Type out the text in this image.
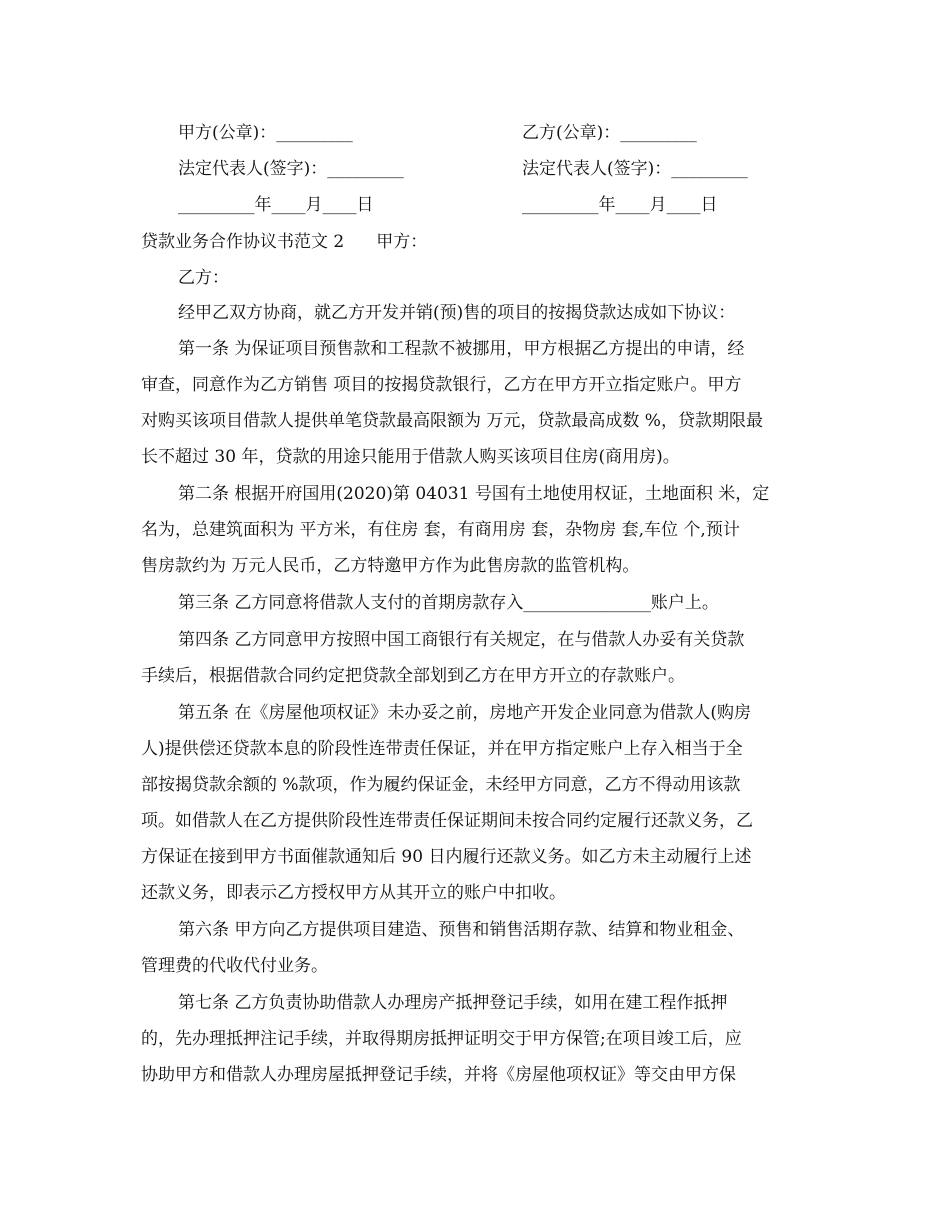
甲方(公章)：_________	乙方(公章)：_________
法定代表人(签字)：_________	法定代表人(签字)：_________
_________年____月____日	_________年____月____日
贷款业务合作协议书范文 2 甲方：
乙方：
经甲乙双方协商，就乙方开发并销(预)售的项目的按揭贷款达成如下协议：
第一条 为保证项目预售款和工程款不被挪用，甲方根据乙方提出的申请，经
审查，同意作为乙方销售 项目的按揭贷款银行，乙方在甲方开立指定账户。甲方
对购买该项目借款人提供单笔贷款最高限额为 万元，贷款最高成数 %，贷款期限最
长不超过 30 年，贷款的用途只能用于借款人购买该项目住房(商用房)。
第二条 根据开府国用(2020)第 04031 号国有土地使用权证，土地面积 米，定
名为，总建筑面积为 平方米，有住房 套，有商用房 套，杂物房 套,车位 个,预计
售房款约为 万元人民币，乙方特邀甲方作为此售房款的监管机构。
第三条 乙方同意将借款人支付的首期房款存入_______________账户上。
第四条 乙方同意甲方按照中国工商银行有关规定，在与借款人办妥有关贷款
手续后，根据借款合同约定把贷款全部划到乙方在甲方开立的存款账户。
第五条 在《房屋他项权证》未办妥之前，房地产开发企业同意为借款人(购房
人)提供偿还贷款本息的阶段性连带责任保证，并在甲方指定账户上存入相当于全
部按揭贷款余额的 %款项，作为履约保证金，未经甲方同意，乙方不得动用该款
项。如借款人在乙方提供阶段性连带责任保证期间未按合同约定履行还款义务，乙
方保证在接到甲方书面催款通知后 90 日内履行还款义务。如乙方未主动履行上述
还款义务，即表示乙方授权甲方从其开立的账户中扣收。
第六条 甲方向乙方提供项目建造、预售和销售活期存款、结算和物业租金、
管理费的代收代付业务。
第七条 乙方负责协助借款人办理房产抵押登记手续，如用在建工程作抵押
的，先办理抵押注记手续，并取得期房抵押证明交于甲方保管;在项目竣工后，应
协助甲方和借款人办理房屋抵押登记手续，并将《房屋他项权证》等交由甲方保
